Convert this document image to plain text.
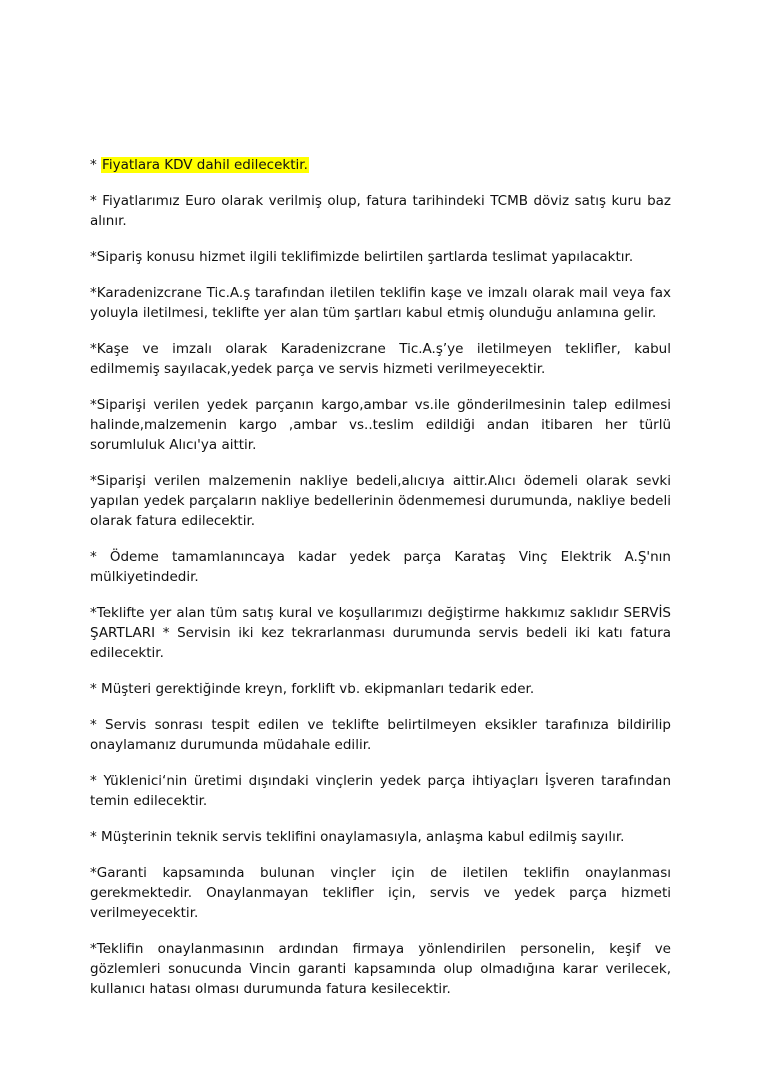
* Fiyatlara KDV dahil edilecektir.

* Fiyatlarımız Euro olarak verilmiş olup, fatura tarihindeki TCMB döviz satış kuru baz alınır.

*Sipariş konusu hizmet ilgili teklifimizde belirtilen şartlarda teslimat yapılacaktır.

*Karadenizcrane Tic.A.ş tarafından iletilen teklifin kaşe ve imzalı olarak mail veya fax yoluyla iletilmesi, teklifte yer alan tüm şartları kabul etmiş olunduğu anlamına gelir.

*Kaşe ve imzalı olarak Karadenizcrane Tic.A.ş’ye iletilmeyen teklifler, kabul edilmemiş sayılacak,yedek parça ve servis hizmeti verilmeyecektir.

*Siparişi verilen yedek parçanın kargo,ambar vs.ile gönderilmesinin talep edilmesi halinde,malzemenin kargo ,ambar vs..teslim edildiği andan itibaren her türlü sorumluluk Alıcı'ya aittir.

*Siparişi verilen malzemenin nakliye bedeli,alıcıya aittir.Alıcı ödemeli olarak sevki yapılan yedek parçaların nakliye bedellerinin ödenmemesi durumunda, nakliye bedeli olarak fatura edilecektir.

* Ödeme tamamlanıncaya kadar yedek parça Karataş Vinç Elektrik A.Ş'nın mülkiyetindedir.

*Teklifte yer alan tüm satış kural ve koşullarımızı değiştirme hakkımız saklıdır SERVİS ŞARTLARI * Servisin iki kez tekrarlanması durumunda servis bedeli iki katı fatura edilecektir.

* Müşteri gerektiğinde kreyn, forklift vb. ekipmanları tedarik eder.

* Servis sonrası tespit edilen ve teklifte belirtilmeyen eksikler tarafınıza bildirilip onaylamanız durumunda müdahale edilir.

* Yüklenici‘nin üretimi dışındaki vinçlerin yedek parça ihtiyaçları İşveren tarafından temin edilecektir.

* Müşterinin teknik servis teklifini onaylamasıyla, anlaşma kabul edilmiş sayılır.

*Garanti kapsamında bulunan vinçler için de iletilen teklifin onaylanması gerekmektedir. Onaylanmayan teklifler için, servis ve yedek parça hizmeti verilmeyecektir.

*Teklifin onaylanmasının ardından firmaya yönlendirilen personelin, keşif ve gözlemleri sonucunda Vincin garanti kapsamında olup olmadığına karar verilecek, kullanıcı hatası olması durumunda fatura kesilecektir.
